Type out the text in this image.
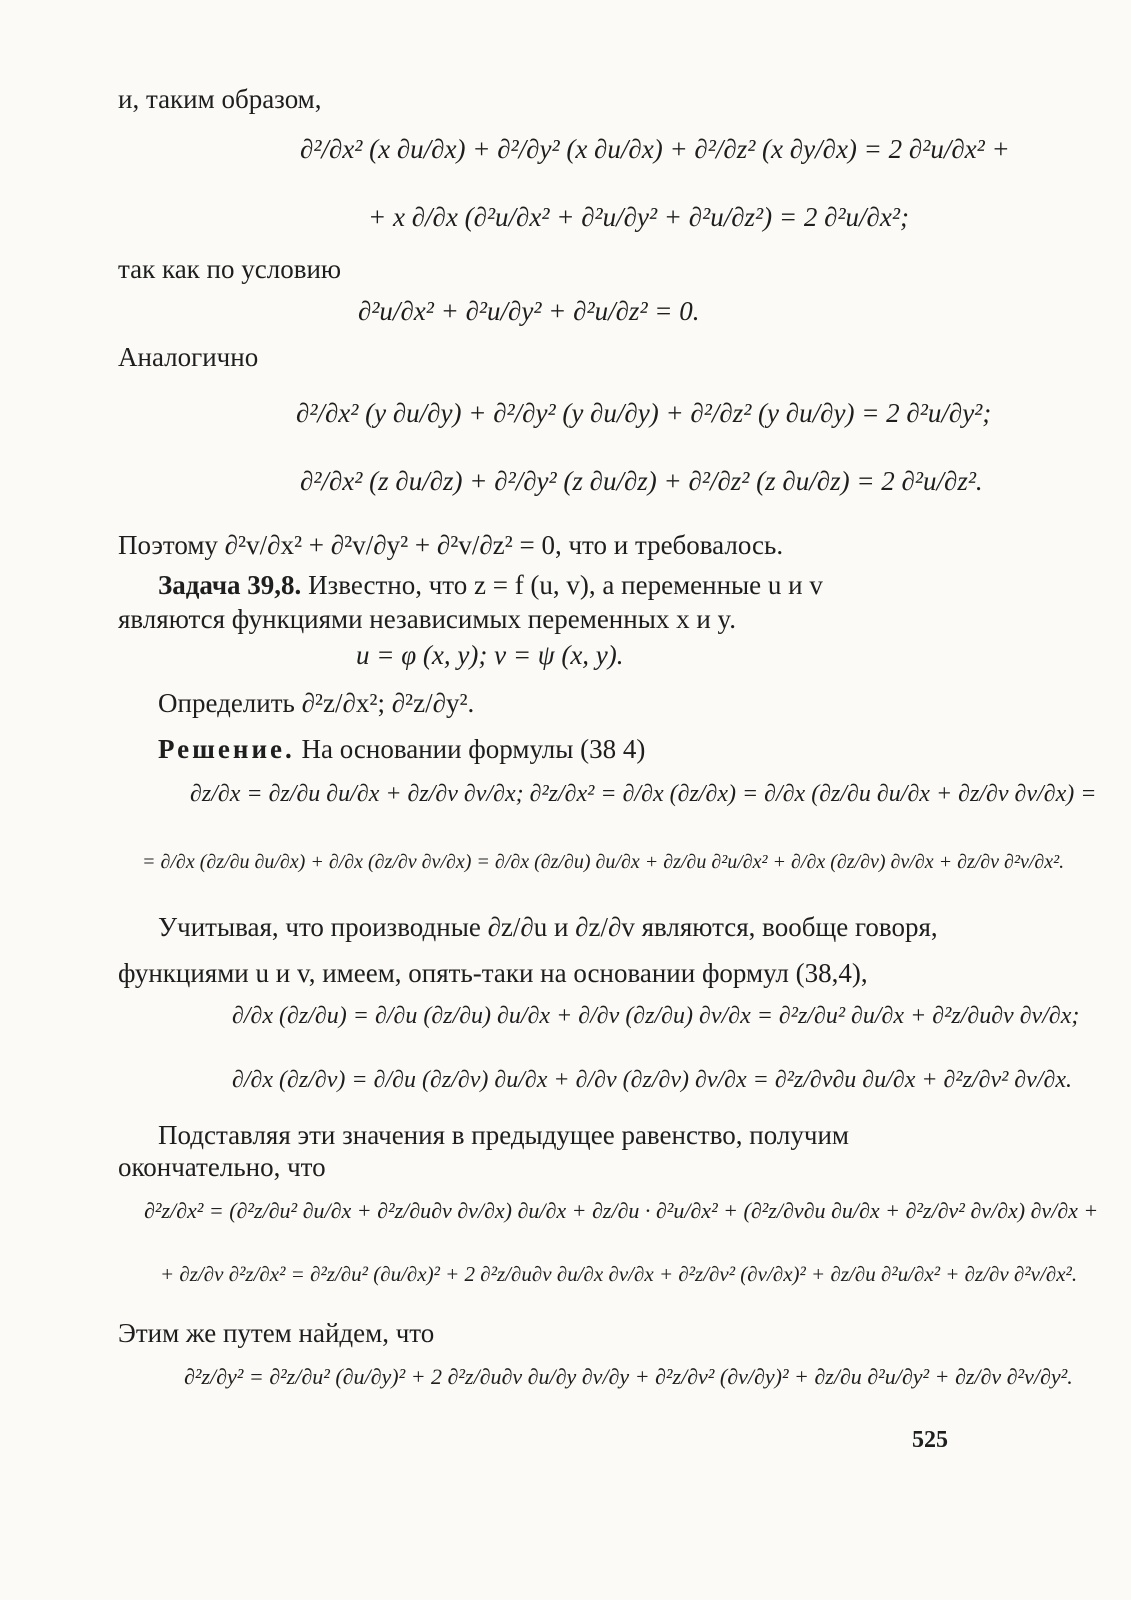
и, таким образом,
∂²/∂x² (x ∂u/∂x) + ∂²/∂y² (x ∂u/∂x) + ∂²/∂z² (x ∂y/∂x) = 2 ∂²u/∂x² +
+ x ∂/∂x (∂²u/∂x² + ∂²u/∂y² + ∂²u/∂z²) = 2 ∂²u/∂x²;
так как по условию
∂²u/∂x² + ∂²u/∂y² + ∂²u/∂z² = 0.
Аналогично
∂²/∂x² (y ∂u/∂y) + ∂²/∂y² (y ∂u/∂y) + ∂²/∂z² (y ∂u/∂y) = 2 ∂²u/∂y²;
∂²/∂x² (z ∂u/∂z) + ∂²/∂y² (z ∂u/∂z) + ∂²/∂z² (z ∂u/∂z) = 2 ∂²u/∂z².
Поэтому ∂²v/∂x² + ∂²v/∂y² + ∂²v/∂z² = 0, что и требовалось.
Задача 39,8. Известно, что z = f (u, v), а переменные u и v
являются функциями независимых переменных x и y.
u = φ (x, y); v = ψ (x, y).
Определить ∂²z/∂x²; ∂²z/∂y².
Решение. На основании формулы (38 4)
∂z/∂x = ∂z/∂u ∂u/∂x + ∂z/∂v ∂v/∂x; ∂²z/∂x² = ∂/∂x (∂z/∂x) = ∂/∂x (∂z/∂u ∂u/∂x + ∂z/∂v ∂v/∂x) =
= ∂/∂x (∂z/∂u ∂u/∂x) + ∂/∂x (∂z/∂v ∂v/∂x) = ∂/∂x (∂z/∂u) ∂u/∂x + ∂z/∂u ∂²u/∂x² + ∂/∂x (∂z/∂v) ∂v/∂x + ∂z/∂v ∂²v/∂x².
Учитывая, что производные ∂z/∂u и ∂z/∂v являются, вообще говоря,
функциями u и v, имеем, опять-таки на основании формул (38,4),
∂/∂x (∂z/∂u) = ∂/∂u (∂z/∂u) ∂u/∂x + ∂/∂v (∂z/∂u) ∂v/∂x = ∂²z/∂u² ∂u/∂x + ∂²z/∂u∂v ∂v/∂x;
∂/∂x (∂z/∂v) = ∂/∂u (∂z/∂v) ∂u/∂x + ∂/∂v (∂z/∂v) ∂v/∂x = ∂²z/∂v∂u ∂u/∂x + ∂²z/∂v² ∂v/∂x.
Подставляя эти значения в предыдущее равенство, получим
окончательно, что
∂²z/∂x² = (∂²z/∂u² ∂u/∂x + ∂²z/∂u∂v ∂v/∂x) ∂u/∂x + ∂z/∂u · ∂²u/∂x² + (∂²z/∂v∂u ∂u/∂x + ∂²z/∂v² ∂v/∂x) ∂v/∂x +
+ ∂z/∂v ∂²z/∂x² = ∂²z/∂u² (∂u/∂x)² + 2 ∂²z/∂u∂v ∂u/∂x ∂v/∂x + ∂²z/∂v² (∂v/∂x)² + ∂z/∂u ∂²u/∂x² + ∂z/∂v ∂²v/∂x².
Этим же путем найдем, что
∂²z/∂y² = ∂²z/∂u² (∂u/∂y)² + 2 ∂²z/∂u∂v ∂u/∂y ∂v/∂y + ∂²z/∂v² (∂v/∂y)² + ∂z/∂u ∂²u/∂y² + ∂z/∂v ∂²v/∂y².
525
